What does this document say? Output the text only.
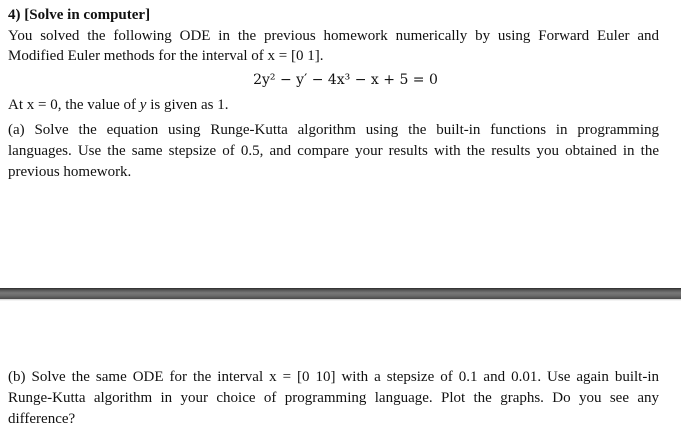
4) [Solve in computer]
You solved the following ODE in the previous homework numerically by using Forward Euler and
Modified Euler methods for the interval of x = [0 1].
2y² − y′ − 4x³ − x + 5 = 0
At x = 0, the value of y is given as 1.
(a) Solve the equation using Runge-Kutta algorithm using the built-in functions in programming
languages. Use the same stepsize of 0.5, and compare your results with the results you obtained in the
previous homework.
(b) Solve the same ODE for the interval x = [0 10] with a stepsize of 0.1 and 0.01. Use again built-in
Runge-Kutta algorithm in your choice of programming language. Plot the graphs. Do you see any
difference?
